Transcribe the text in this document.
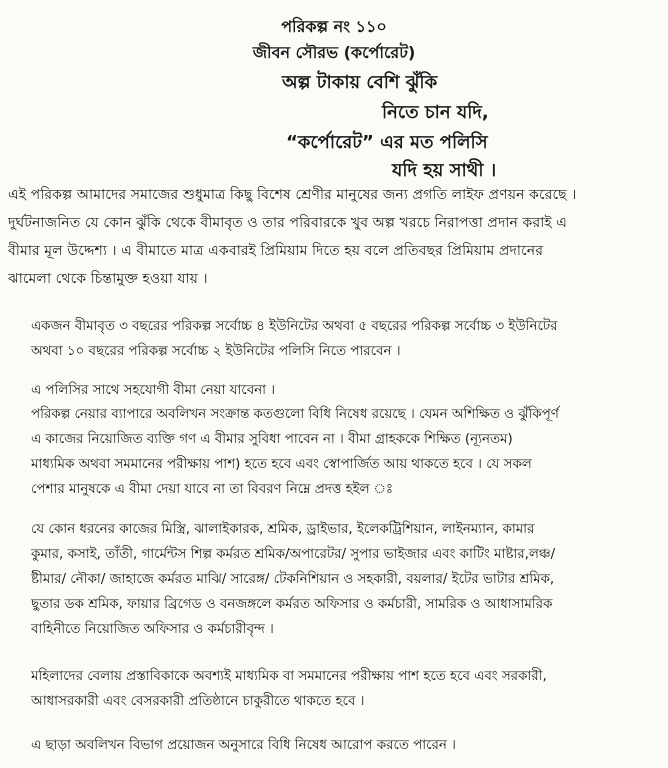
পরিকল্প নং ১১০
জীবন সৌরভ (কর্পোরেট)
অল্প টাকায় বেশি ঝুঁকি
নিতে চান যদি,
“কর্পোরেট” এর মত পলিসি
যদি হয় সাথী ।
এই পরিকল্প আমাদের সমাজের শুধুমাত্র কিছু বিশেষ শ্রেণীর মানুষের জন্য প্রগতি লাইফ প্রণয়ন করেছে ।
দুর্ঘটনাজনিত যে কোন ঝুঁকি থেকে বীমাবৃত ও তার পরিবারকে খুব অল্প খরচে নিরাপত্তা প্রদান করাই এ
বীমার মূল উদ্দেশ্য । এ বীমাতে মাত্র একবারই প্রিমিয়াম দিতে হয় বলে প্রতিবছর প্রিমিয়াম প্রদানের
ঝামেলা থেকে চিন্তামুক্ত হওয়া যায় ।
একজন বীমাবৃত ৩ বছরের পরিকল্প সর্বোচ্চ ৪ ইউনিটের অথবা ৫ বছরের পরিকল্প সর্বোচ্চ ৩ ইউনিটের
অথবা ১০ বছরের পরিকল্প সর্বোচ্চ ২ ইউনিটের পলিসি নিতে পারবেন ।
এ পলিসির সাথে সহযোগী বীমা নেয়া যাবেনা ।
পরিকল্প নেয়ার ব্যাপারে অবলিখন সংক্রান্ত কতগুলো বিধি নিষেধ রয়েছে । যেমন অশিক্ষিত ও ঝুঁকিপূর্ণ
এ কাজের নিয়োজিত ব্যক্তি গণ এ বীমার সুবিধা পাবেন না । বীমা গ্রাহককে শিক্ষিত (ন্যূনতম)
মাধ্যমিক অথবা সমমানের পরীক্ষায় পাশ) হতে হবে এবং স্বোপার্জিত আয় থাকতে হবে । যে সকল
পেশার মানুষকে এ বীমা দেয়া যাবে না তা বিবরণ নিম্নে প্রদত্ত হইল ঃ
যে কোন ধরনের কাজের মিস্ত্রি, ঝালাইকারক, শ্রমিক, ড্রাইভার, ইলেকট্রিশিয়ান, লাইনম্যান, কামার
কুমার, কসাই, তাঁতী, গার্মেন্টস শিল্প কর্মরত শ্রমিক/অপারেটর/ সুপার ভাইজার এবং কাটিং মাষ্টার,লঞ্চ/
ষ্টীমার/ নৌকা/ জাহাজে কর্মরত মাঝি/ সারেঙ্গ/ টেকনিশিয়ান ও সহকারী, বয়লার/ ইটের ভাটার শ্রমিক,
ছুতার ডক শ্রমিক, ফায়ার ব্রিগেড ও বনজঙ্গলে কর্মরত অফিসার ও কর্মচারী, সামরিক ও আধাসামরিক
বাহিনীতে নিয়োজিত অফিসার ও কর্মচারীবৃন্দ ।
মহিলাদের বেলায় প্রস্তাবিকাকে অবশ্যই মাধ্যমিক বা সমমানের পরীক্ষায় পাশ হতে হবে এবং সরকারী,
আধাসরকারী এবং বেসরকারী প্রতিষ্ঠানে চাকুরীতে থাকতে হবে ।
এ ছাড়া অবলিখন বিভাগ প্রয়োজন অনুসারে বিধি নিষেধ আরোপ করতে পারেন ।
